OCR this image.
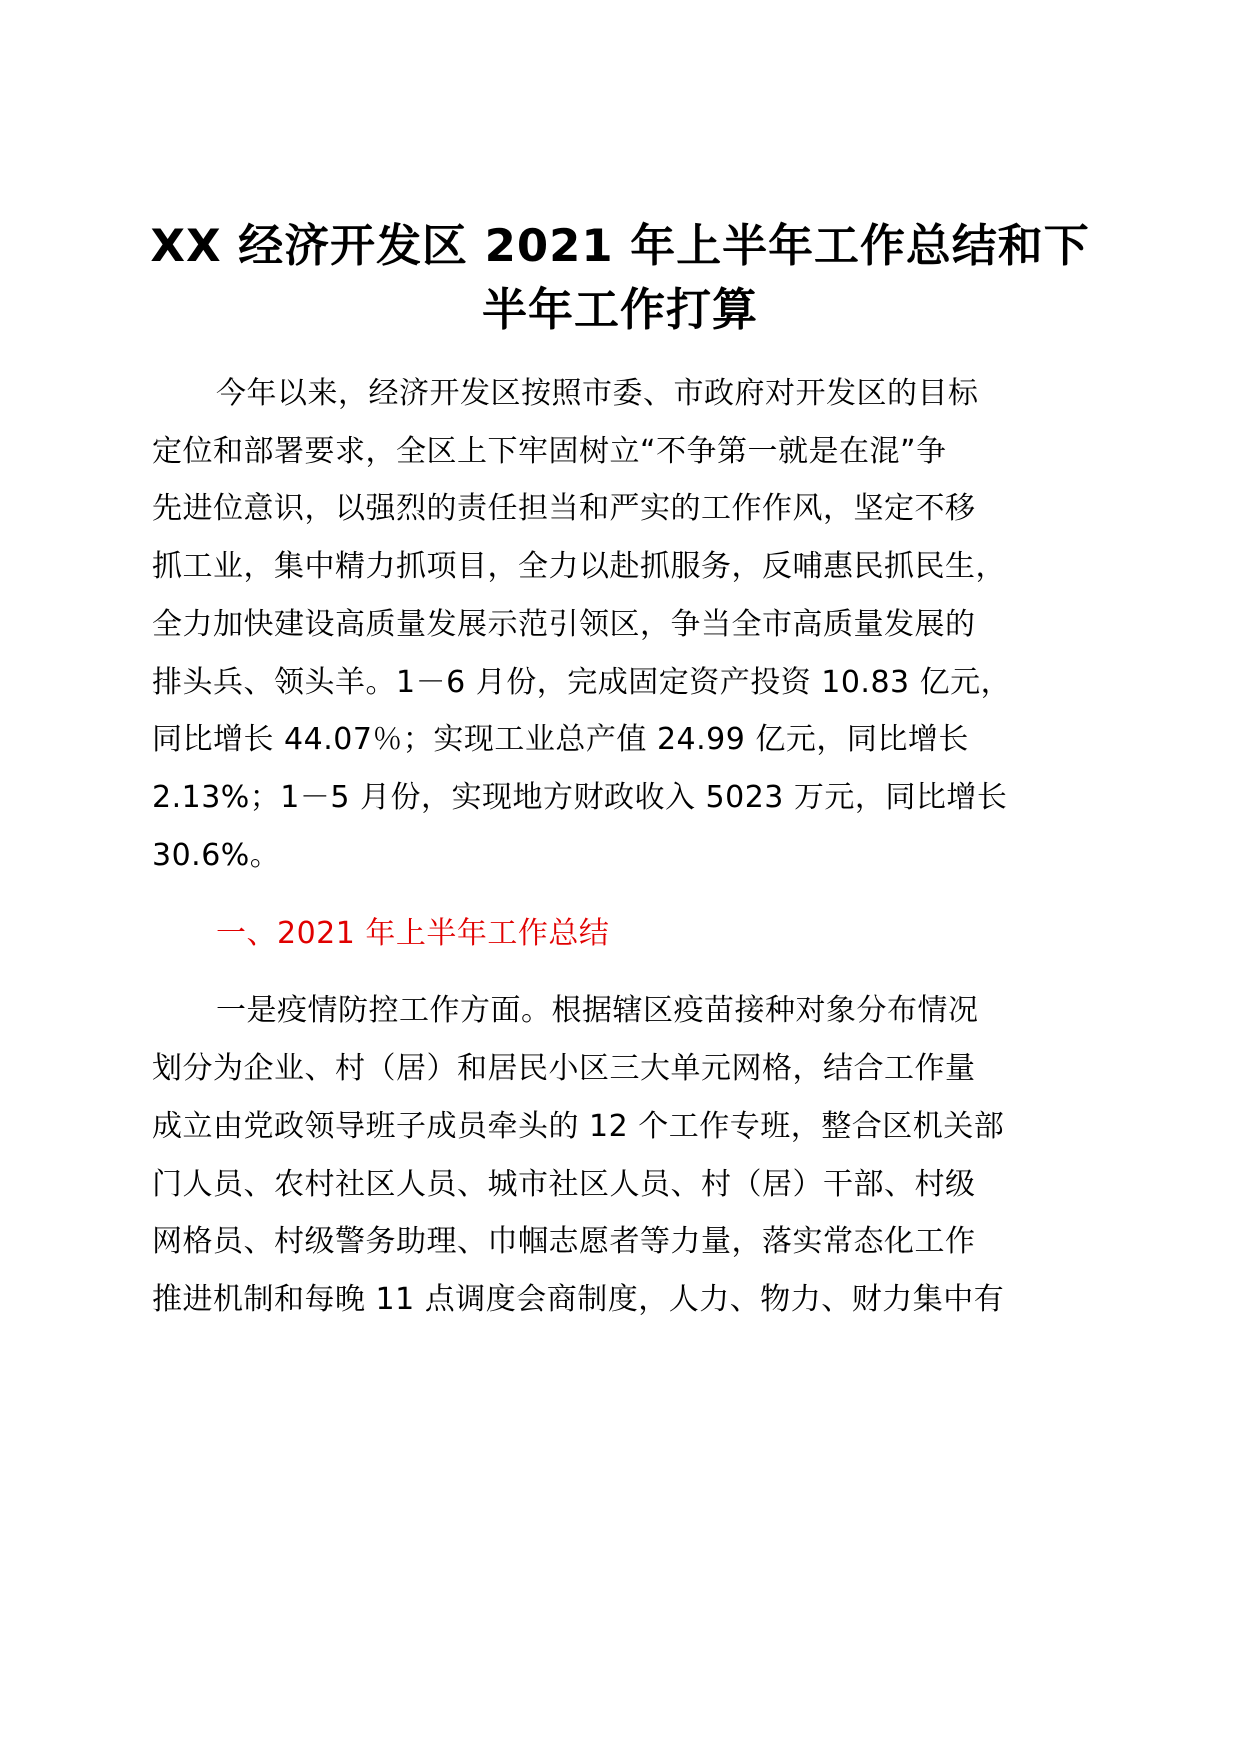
XX 经济开发区 2021 年上半年工作总结和下
半年工作打算
今年以来，经济开发区按照市委、市政府对开发区的目标
定位和部署要求，全区上下牢固树立“不争第一就是在混”争
先进位意识，以强烈的责任担当和严实的工作作风，坚定不移
抓工业，集中精力抓项目，全力以赴抓服务，反哺惠民抓民生，
全力加快建设高质量发展示范引领区，争当全市高质量发展的
排头兵、领头羊。1－6 月份，完成固定资产投资 10.83 亿元，
同比增长 44.07％；实现工业总产值 24.99 亿元，同比增长
2.13%；1－5 月份，实现地方财政收入 5023 万元，同比增长
30.6%。
一、2021 年上半年工作总结
一是疫情防控工作方面。根据辖区疫苗接种对象分布情况
划分为企业、村（居）和居民小区三大单元网格，结合工作量
成立由党政领导班子成员牵头的 12 个工作专班，整合区机关部
门人员、农村社区人员、城市社区人员、村（居）干部、村级
网格员、村级警务助理、巾帼志愿者等力量，落实常态化工作
推进机制和每晚 11 点调度会商制度，人力、物力、财力集中有
